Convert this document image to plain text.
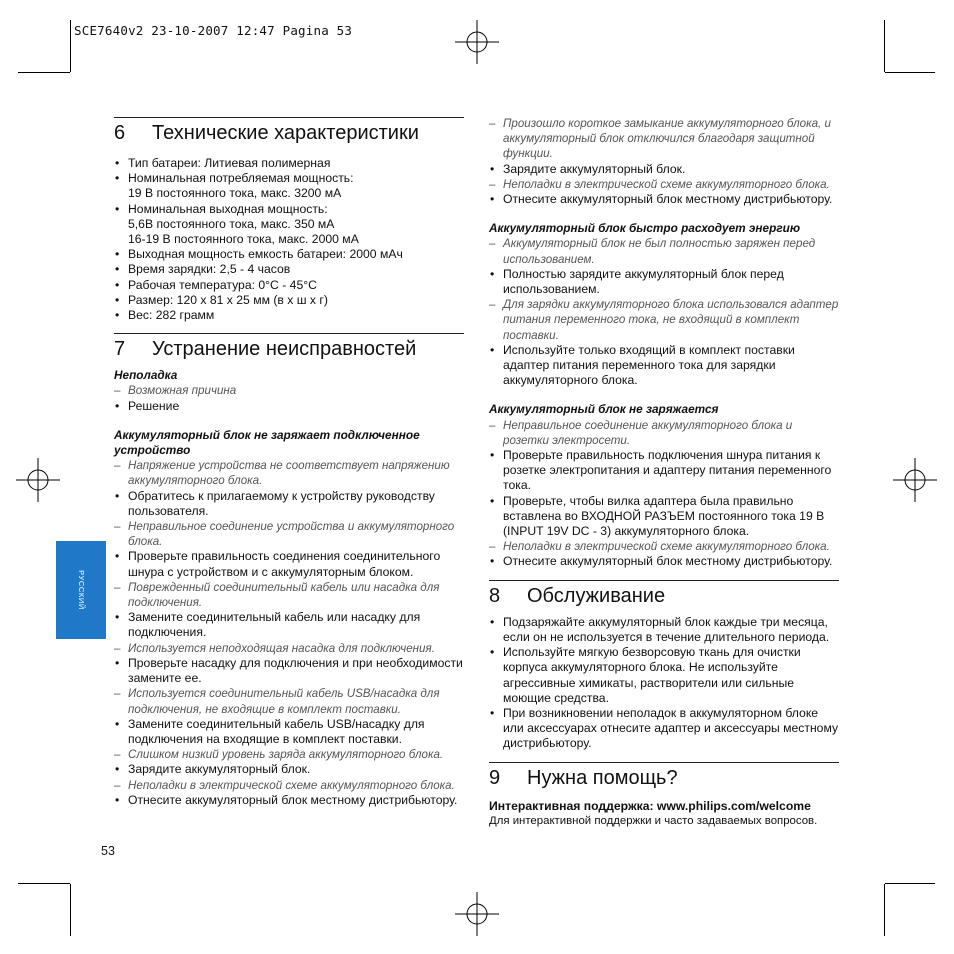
SCE7640v2 23-10-2007 12:47 Pagina 53
РУССКИЙ
53
6 Технические характеристики
• Тип батареи: Литиевая полимерная
• Номинальная потребляемая мощность:
19 В постоянного тока, макс. 3200 мА
• Номинальная выходная мощность:
5,6В постоянного тока, макс. 350 мА
16-19 В постоянного тока, макс. 2000 мА
• Выходная мощность емкость батареи: 2000 мАч
• Время зарядки: 2,5 - 4 часов
• Рабочая температура: 0°C - 45°C
• Размер: 120 x 81 x 25 мм (в x ш x г)
• Вес: 282 грамм
7 Устранение неисправностей
Неполадка
– Возможная причина
• Решение
Аккумуляторный блок не заряжает подключенное устройство
– Напряжение устройства не соответствует напряжению аккумуляторного блока.
• Обратитесь к прилагаемому к устройству руководству пользователя.
– Неправильное соединение устройства и аккумуляторного блока.
• Проверьте правильность соединения соединительного шнура с устройством и с аккумуляторным блоком.
– Поврежденный соединительный кабель или насадка для подключения.
• Замените соединительный кабель или насадку для подключения.
– Используется неподходящая насадка для подключения.
• Проверьте насадку для подключения и при необходимости замените ее.
– Используется соединительный кабель USB/насадка для подключения, не входящие в комплект поставки.
• Замените соединительный кабель USB/насадку для подключения на входящие в комплект поставки.
– Слишком низкий уровень заряда аккумуляторного блока.
• Зарядите аккумуляторный блок.
– Неполадки в электрической схеме аккумуляторного блока.
• Отнесите аккумуляторный блок местному дистрибьютору.
– Произошло короткое замыкание аккумуляторного блока, и аккумуляторный блок отключился благодаря защитной функции.
• Зарядите аккумуляторный блок.
– Неполадки в электрической схеме аккумуляторного блока.
• Отнесите аккумуляторный блок местному дистрибьютору.
Аккумуляторный блок быстро расходует энергию
– Аккумуляторный блок не был полностью заряжен перед использованием.
• Полностью зарядите аккумуляторный блок перед использованием.
– Для зарядки аккумуляторного блока использовался адаптер питания переменного тока, не входящий в комплект поставки.
• Используйте только входящий в комплект поставки адаптер питания переменного тока для зарядки аккумуляторного блока.
Аккумуляторный блок не заряжается
– Неправильное соединение аккумуляторного блока и розетки электросети.
• Проверьте правильность подключения шнура питания к розетке электропитания и адаптеру питания переменного тока.
• Проверьте, чтобы вилка адаптера была правильно вставлена во ВХОДНОЙ РАЗЪЕМ постоянного тока 19 В (INPUT 19V DC - 3) аккумуляторного блока.
– Неполадки в электрической схеме аккумуляторного блока.
• Отнесите аккумуляторный блок местному дистрибьютору.
8 Обслуживание
• Подзаряжайте аккумуляторный блок каждые три месяца, если он не используется в течение длительного периода.
• Используйте мягкую безворсовую ткань для очистки корпуса аккумуляторного блока. Не используйте агрессивные химикаты, растворители или сильные моющие средства.
• При возникновении неполадок в аккумуляторном блоке или аксессуарах отнесите адаптер и аксессуары местному дистрибьютору.
9 Нужна помощь?
Интерактивная поддержка: www.philips.com/welcome
Для интерактивной поддержки и часто задаваемых вопросов.
